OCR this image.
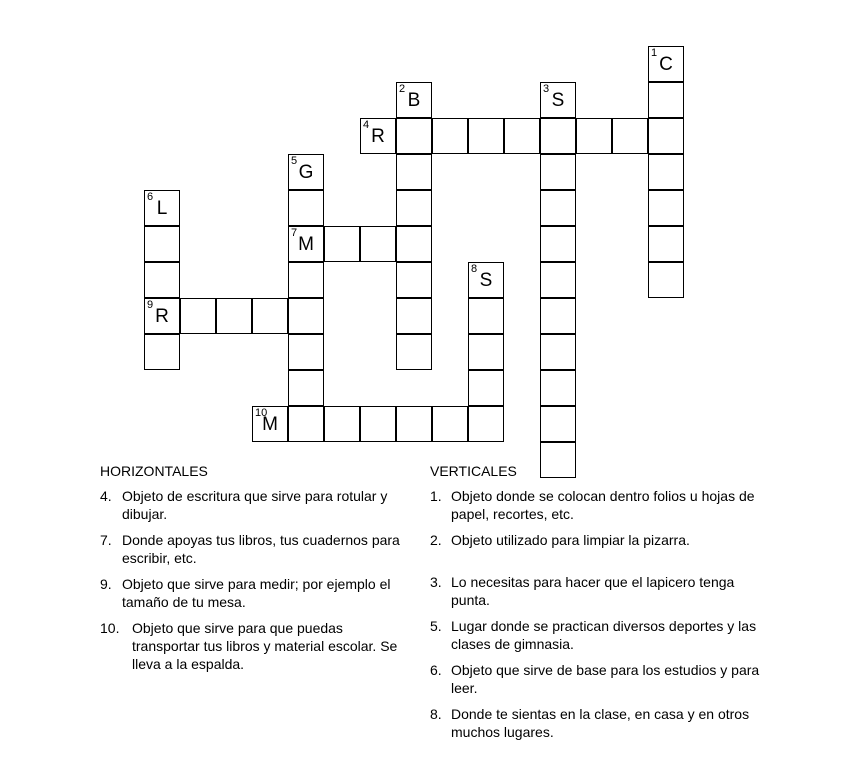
1
C
2
B
3
S
4
R
5
G
7
M
6
L
9
R
8
S
10
M
HORIZONTALES
4. Objeto de escritura que sirve para rotular y dibujar.
7. Donde apoyas tus libros, tus cuadernos para escribir, etc.
9. Objeto que sirve para medir; por ejemplo el tamaño de tu mesa.
10. Objeto que sirve para que puedas transportar tus libros y material escolar. Se lleva a la espalda.
VERTICALES
1. Objeto donde se colocan dentro folios u hojas de papel, recortes, etc.
2. Objeto utilizado para limpiar la pizarra.
3. Lo necesitas para hacer que el lapicero tenga punta.
5. Lugar donde se practican diversos deportes y las clases de gimnasia.
6. Objeto que sirve de base para los estudios y para leer.
8. Donde te sientas en la clase, en casa y en otros muchos lugares.
